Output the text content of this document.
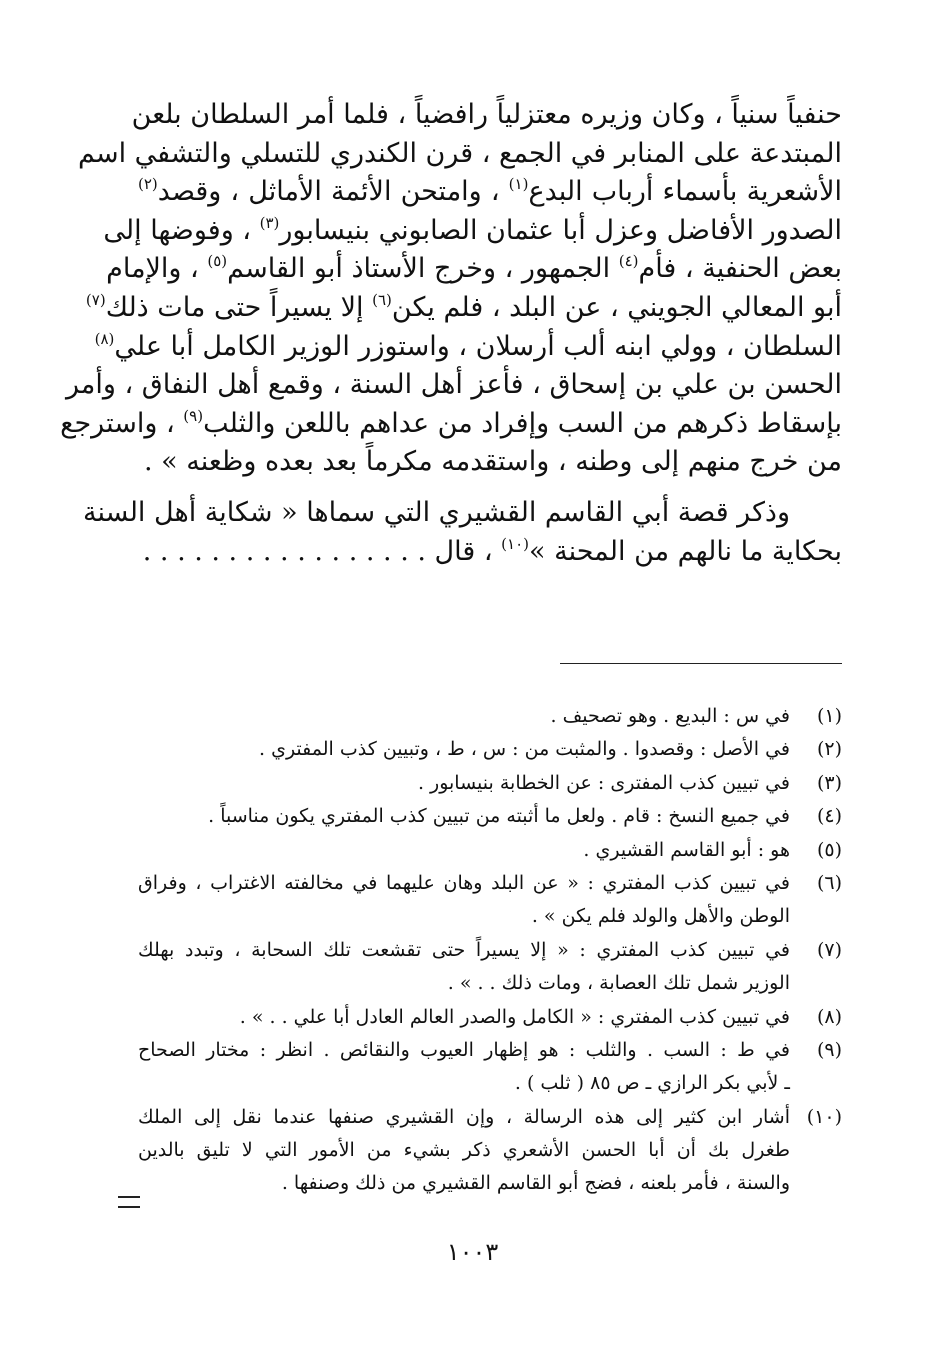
حنفياً سنياً ، وكان وزيره معتزلياً رافضياً ، فلما أمر السلطان بلعن
المبتدعة على المنابر في الجمع ، قرن الكندري للتسلي والتشفي اسم
الأشعرية بأسماء أرباب البدع$^{(١)}$ ، وامتحن الأئمة الأماثل ، وقصد$^{(٢)}$
الصدور الأفاضل وعزل أبا عثمان الصابوني بنيسابور$^{(٣)}$ ، وفوضها إلى
بعض الحنفية ، فأم$^{(٤)}$ الجمهور ، وخرج الأستاذ أبو القاسم$^{(٥)}$ ، والإمام
أبو المعالي الجويني ، عن البلد ، فلم يكن$^{(٦)}$ إلا يسيراً حتى مات ذلك$^{(٧)}$
السلطان ، وولي ابنه ألب أرسلان ، واستوزر الوزير الكامل أبا علي$^{(٨)}$
الحسن بن علي بن إسحاق ، فأعز أهل السنة ، وقمع أهل النفاق ، وأمر
بإسقاط ذكرهم من السب وإفراد من عداهم باللعن والثلب$^{(٩)}$ ، واسترجع
من خرج منهم إلى وطنه ، واستقدمه مكرماً بعد بعده وظعنه » .
وذكر قصة أبي القاسم القشيري التي سماها « شكاية أهل السنة
بحكاية ما نالهم من المحنة »$^{(١٠)}$ ، قال . . . . . . . . . . . . . . . . .
(١)
في س : البديع . وهو تصحيف .
(٢)
في الأصل : وقصدوا . والمثبت من : س ، ط ، وتبيين كذب المفتري .
(٣)
في تبيين كذب المفترى : عن الخطابة بنيسابور .
(٤)
في جميع النسخ : قام . ولعل ما أثبته من تبيين كذب المفتري يكون مناسباً .
(٥)
هو : أبو القاسم القشيري .
(٦)
في تبيين كذب المفتري : « عن البلد وهان عليهما في مخالفته الاغتراب ، وفراق
الوطن والأهل والولد فلم يكن » .
(٧)
في تبيين كذب المفتري : « إلا يسيراً حتى تقشعت تلك السحابة ، وتبدد بهلك
الوزير شمل تلك العصابة ، ومات ذلك . . » .
(٨)
في تبيين كذب المفتري : « الكامل والصدر العالم العادل أبا علي . . » .
(٩)
في ط : السب . والثلب : هو إظهار العيوب والنقائص . انظر : مختار الصحاح
ـ لأبي بكر الرازي ـ ص ٨٥ ( ثلب ) .
(١٠)
أشار ابن كثير إلى هذه الرسالة ، وإن القشيري صنفها عندما نقل إلى الملك
طغرل بك أن أبا الحسن الأشعري ذكر بشيء من الأمور التي لا تليق بالدين
والسنة ، فأمر بلعنه ، فضج أبو القاسم القشيري من ذلك وصنفها .
١٠٠٣
